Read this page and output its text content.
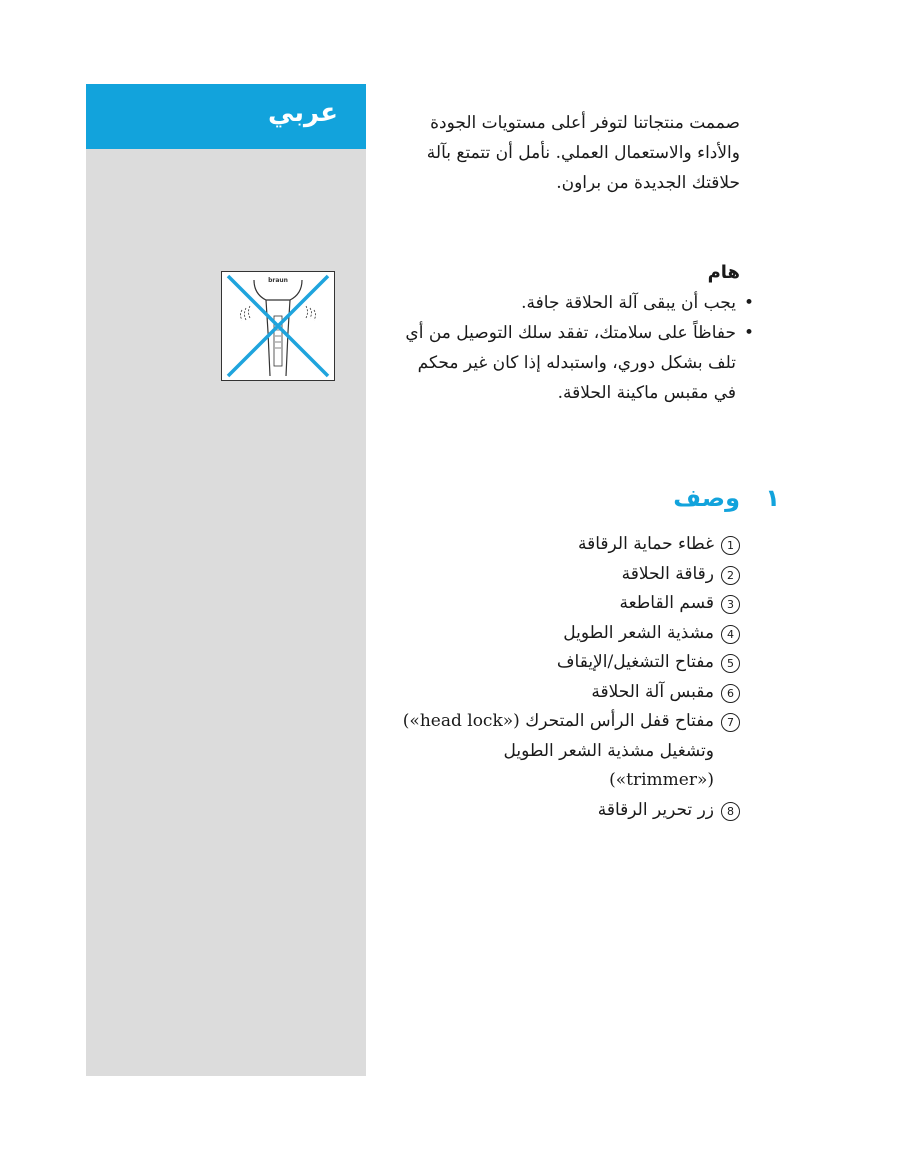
عربي
braun

صممت منتجاتنا لتوفر أعلى مستويات الجودة والأداء والاستعمال العملي. نأمل أن تتمتع بآلة حلاقتك الجديدة من براون.

هام
• يجب أن يبقى آلة الحلاقة جافة.
• حفاظاً على سلامتك، تفقد سلك التوصيل من أي تلف بشكل دوري، واستبدله إذا كان غير محكم في مقبس ماكينة الحلاقة.
١
وصف
1
غطاء حماية الرقاقة
2
رقاقة الحلاقة
3
قسم القاطعة
4
مشذية الشعر الطويل
5
مفتاح التشغيل/الإيقاف
6
مقبس آلة الحلاقة
7
مفتاح قفل الرأس المتحرك («head lock») وتشغيل مشذية الشعر الطويل («trimmer»)
8
زر تحرير الرقاقة
